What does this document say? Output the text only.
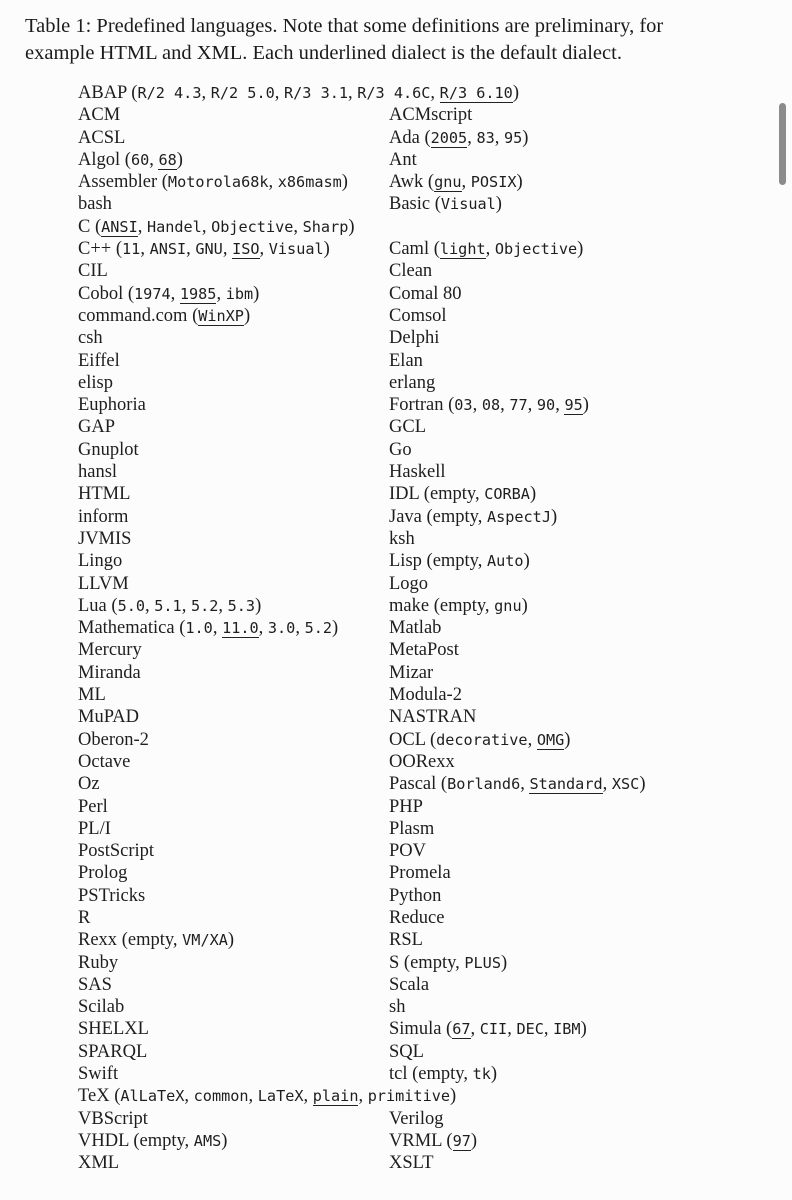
Table 1: Predefined languages. Note that some definitions are preliminary, for
example HTML and XML. Each underlined dialect is the default dialect.

ABAP (R/2 4.3, R/2 5.0, R/3 3.1, R/3 4.6C, R/3 6.10)
ACM	ACMscript
ACSL	Ada (2005, 83, 95)
Algol (60, 68)	Ant
Assembler (Motorola68k, x86masm)	Awk (gnu, POSIX)
bash	Basic (Visual)
C (ANSI, Handel, Objective, Sharp)
C++ (11, ANSI, GNU, ISO, Visual)	Caml (light, Objective)
CIL	Clean
Cobol (1974, 1985, ibm)	Comal 80
command.com (WinXP)	Comsol
csh	Delphi
Eiffel	Elan
elisp	erlang
Euphoria	Fortran (03, 08, 77, 90, 95)
GAP	GCL
Gnuplot	Go
hansl	Haskell
HTML	IDL (empty, CORBA)
inform	Java (empty, AspectJ)
JVMIS	ksh
Lingo	Lisp (empty, Auto)
LLVM	Logo
Lua (5.0, 5.1, 5.2, 5.3)	make (empty, gnu)
Mathematica (1.0, 11.0, 3.0, 5.2)	Matlab
Mercury	MetaPost
Miranda	Mizar
ML	Modula-2
MuPAD	NASTRAN
Oberon-2	OCL (decorative, OMG)
Octave	OORexx
Oz	Pascal (Borland6, Standard, XSC)
Perl	PHP
PL/I	Plasm
PostScript	POV
Prolog	Promela
PSTricks	Python
R	Reduce
Rexx (empty, VM/XA)	RSL
Ruby	S (empty, PLUS)
SAS	Scala
Scilab	sh
SHELXL	Simula (67, CII, DEC, IBM)
SPARQL	SQL
Swift	tcl (empty, tk)
TeX (AlLaTeX, common, LaTeX, plain, primitive)
VBScript	Verilog
VHDL (empty, AMS)	VRML (97)
XML	XSLT
